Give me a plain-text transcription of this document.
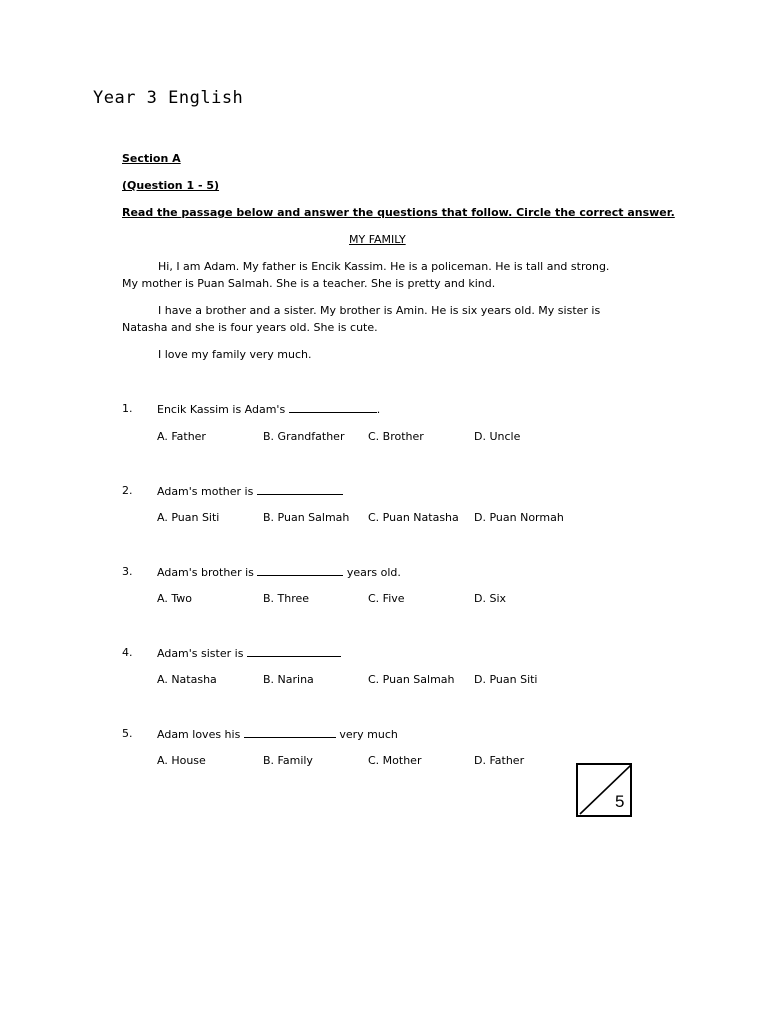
Year 3 English
Section A
(Question 1 - 5)
Read the passage below and answer the questions that follow. Circle the correct answer.
MY FAMILY
Hi, I am Adam. My father is Encik Kassim. He is a policeman. He is tall and strong. My mother is Puan Salmah. She is a teacher. She is pretty and kind.
I have a brother and a sister. My brother is Amin. He is six years old. My sister is Natasha and she is four years old. She is cute.
I love my family very much.
1. Encik Kassim is Adam's	.
A. Father	B. Grandfather C. Brother	D. Uncle
2. Adam's mother is
A. Puan Siti	B. Puan Salmah C. Puan Natasha D. Puan Normah
3. Adam's brother is	years old.
A. Two	B. Three	C. Five	D. Six
4. Adam's sister is
A. Natasha	B. Narina	C. Puan Salmah D. Puan Siti
5. Adam loves his	very much
A. House	B. Family	C. Mother	D. Father
5
